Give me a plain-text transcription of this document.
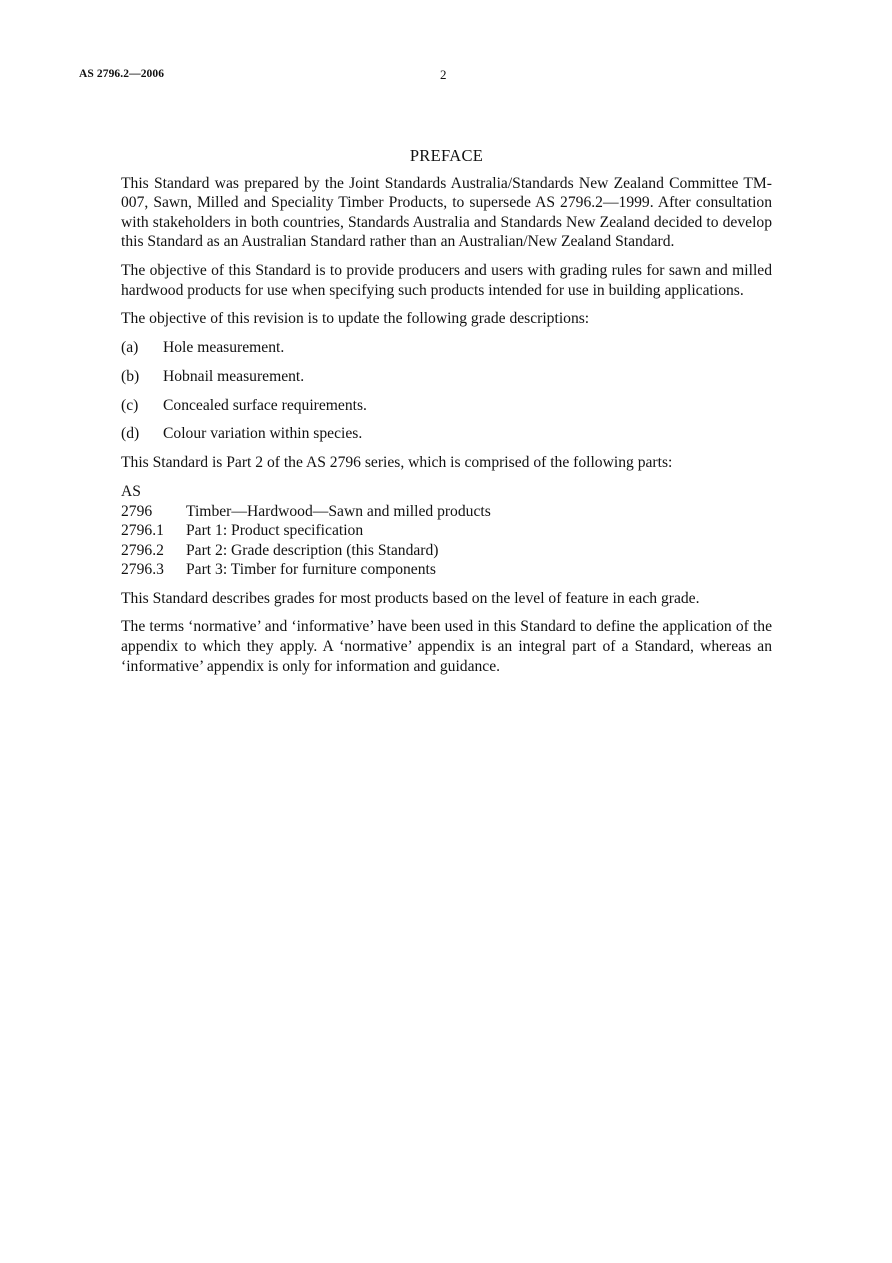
AS 2796.2—2006	2
PREFACE

This Standard was prepared by the Joint Standards Australia/Standards New Zealand Committee TM-007, Sawn, Milled and Speciality Timber Products, to supersede AS 2796.2—1999. After consultation with stakeholders in both countries, Standards Australia and Standards New Zealand decided to develop this Standard as an Australian Standard rather than an Australian/New Zealand Standard.

The objective of this Standard is to provide producers and users with grading rules for sawn and milled hardwood products for use when specifying such products intended for use in building applications.

The objective of this revision is to update the following grade descriptions:

(a)	Hole measurement.
(b)	Hobnail measurement.
(c)	Concealed surface requirements.
(d)	Colour variation within species.

This Standard is Part 2 of the AS 2796 series, which is comprised of the following parts:

AS
2796	Timber—Hardwood—Sawn and milled products
2796.1	Part 1: Product specification
2796.2	Part 2: Grade description (this Standard)
2796.3	Part 3: Timber for furniture components

This Standard describes grades for most products based on the level of feature in each grade.

The terms ‘normative’ and ‘informative’ have been used in this Standard to define the application of the appendix to which they apply. A ‘normative’ appendix is an integral part of a Standard, whereas an ‘informative’ appendix is only for information and guidance.
